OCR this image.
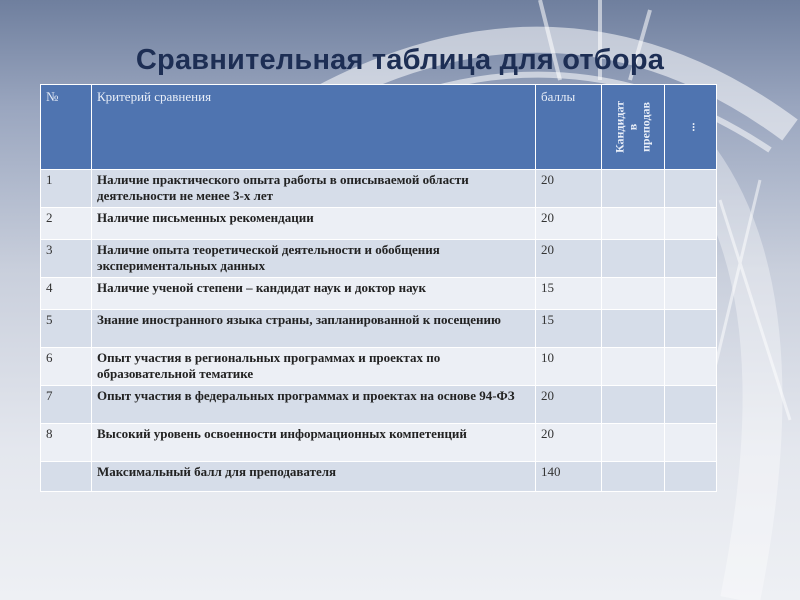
Сравнительная таблица для отбора
№	Критерий сравнения	баллы	Кандидат в преподав	...

1	Наличие практического опыта работы в описываемой области деятельности не менее 3-х лет	20		
2	Наличие письменных рекомендации	20		
3	Наличие опыта теоретической деятельности и обобщения экспериментальных данных	20		
4	Наличие ученой степени – кандидат наук и доктор наук	15		
5	Знание иностранного языка страны, запланированной к посещению	15		
6	Опыт участия в региональных программах и проектах по образовательной тематике	10		
7	Опыт участия в федеральных программах и проектах на основе 94-ФЗ	20		
8	Высокий уровень освоенности информационных компетенций	20		
	Максимальный балл для преподавателя	140		
